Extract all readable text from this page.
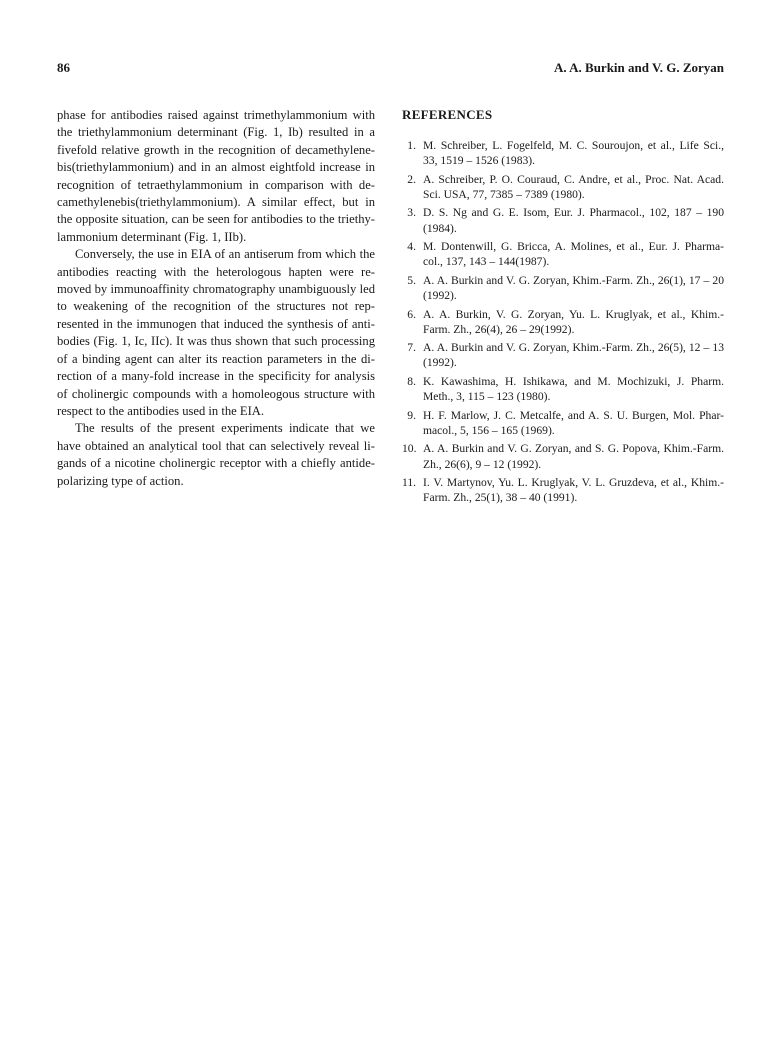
86	A. A. Burkin and V. G. Zoryan

phase for antibodies raised against trimethylammonium with the triethylammonium determinant (Fig. 1, Ib) resulted in a fivefold relative growth in the recognition of decamethylene-bis(triethylammonium) and in an almost eightfold increase in recognition of tetraethylammonium in comparison with de-camethylenebis(triethylammonium). A similar effect, but in the opposite situation, can be seen for antibodies to the triethy-lammonium determinant (Fig. 1, IIb).

Conversely, the use in EIA of an antiserum from which the antibodies reacting with the heterologous hapten were re-moved by immunoaffinity chromatography unambiguously led to weakening of the recognition of the structures not rep-resented in the immunogen that induced the synthesis of anti-bodies (Fig. 1, Ic, IIc). It was thus shown that such processing of a binding agent can alter its reaction parameters in the di-rection of a many-fold increase in the specificity for analysis of cholinergic compounds with a homoleogous structure with respect to the antibodies used in the EIA.

The results of the present experiments indicate that we have obtained an analytical tool that can selectively reveal li-gands of a nicotine cholinergic receptor with a chiefly antide-polarizing type of action.

REFERENCES
1. M. Schreiber, L. Fogelfeld, M. C. Souroujon, et al., Life Sci., 33, 1519 – 1526 (1983).
2. A. Schreiber, P. O. Couraud, C. Andre, et al., Proc. Nat. Acad. Sci. USA, 77, 7385 – 7389 (1980).
3. D. S. Ng and G. E. Isom, Eur. J. Pharmacol., 102, 187 – 190 (1984).
4. M. Dontenwill, G. Bricca, A. Molines, et al., Eur. J. Pharma-col., 137, 143 – 144(1987).
5. A. A. Burkin and V. G. Zoryan, Khim.-Farm. Zh., 26(1), 17 – 20 (1992).
6. A. A. Burkin, V. G. Zoryan, Yu. L. Kruglyak, et al., Khim.-Farm. Zh., 26(4), 26 – 29(1992).
7. A. A. Burkin and V. G. Zoryan, Khim.-Farm. Zh., 26(5), 12 – 13 (1992).
8. K. Kawashima, H. Ishikawa, and M. Mochizuki, J. Pharm. Meth., 3, 115 – 123 (1980).
9. H. F. Marlow, J. C. Metcalfe, and A. S. U. Burgen, Mol. Phar-macol., 5, 156 – 165 (1969).
10. A. A. Burkin and V. G. Zoryan, and S. G. Popova, Khim.-Farm. Zh., 26(6), 9 – 12 (1992).
11. I. V. Martynov, Yu. L. Kruglyak, V. L. Gruzdeva, et al., Khim.-Farm. Zh., 25(1), 38 – 40 (1991).
